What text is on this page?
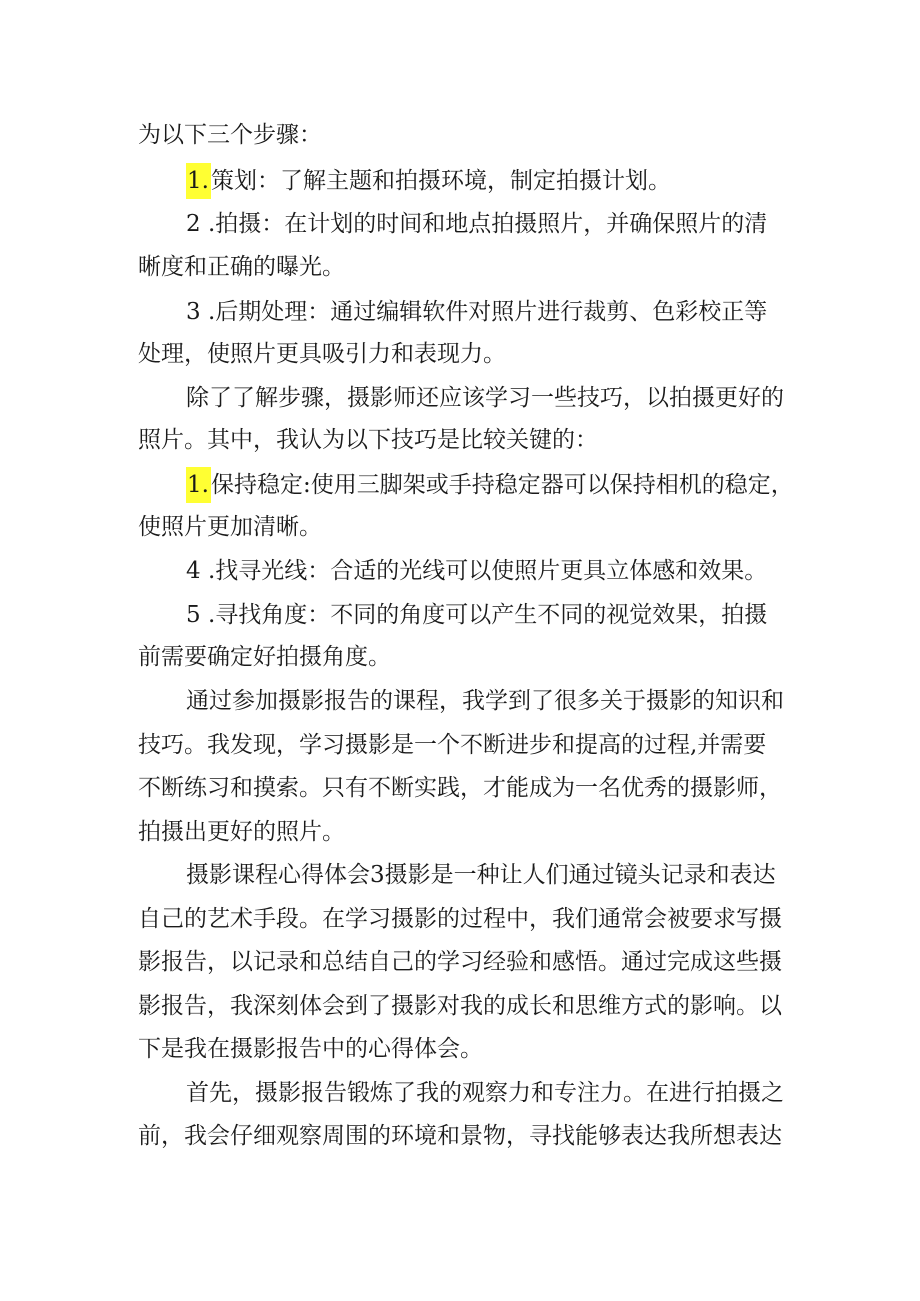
为以下三个步骤：
1.策划：了解主题和拍摄环境，制定拍摄计划。
2 .拍摄：在计划的时间和地点拍摄照片，并确保照片的清
晰度和正确的曝光。
3 .后期处理：通过编辑软件对照片进行裁剪、色彩校正等
处理，使照片更具吸引力和表现力。
除了了解步骤，摄影师还应该学习一些技巧，以拍摄更好的
照片。其中，我认为以下技巧是比较关键的：
1.保持稳定:使用三脚架或手持稳定器可以保持相机的稳定，
使照片更加清晰。
4 .找寻光线：合适的光线可以使照片更具立体感和效果。
5 .寻找角度：不同的角度可以产生不同的视觉效果，拍摄
前需要确定好拍摄角度。
通过参加摄影报告的课程，我学到了很多关于摄影的知识和
技巧。我发现，学习摄影是一个不断进步和提高的过程,并需要
不断练习和摸索。只有不断实践，才能成为一名优秀的摄影师，
拍摄出更好的照片。
摄影课程心得体会3摄影是一种让人们通过镜头记录和表达
自己的艺术手段。在学习摄影的过程中，我们通常会被要求写摄
影报告，以记录和总结自己的学习经验和感悟。通过完成这些摄
影报告，我深刻体会到了摄影对我的成长和思维方式的影响。以
下是我在摄影报告中的心得体会。
首先，摄影报告锻炼了我的观察力和专注力。在进行拍摄之
前，我会仔细观察周围的环境和景物，寻找能够表达我所想表达
